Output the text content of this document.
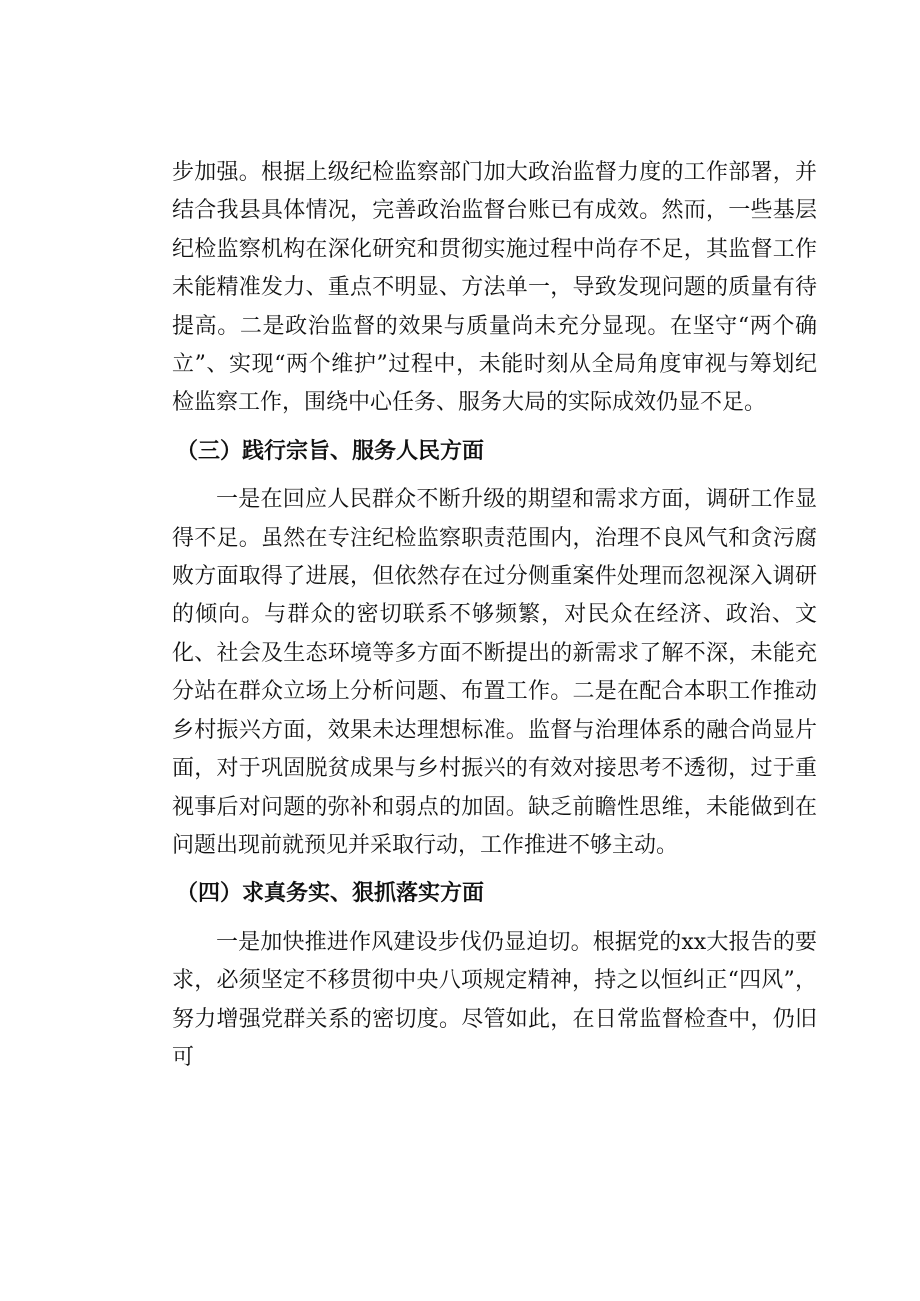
步加强。根据上级纪检监察部门加大政治监督力度的工作部署，并结合我县具体情况，完善政治监督台账已有成效。然而，一些基层纪检监察机构在深化研究和贯彻实施过程中尚存不足，其监督工作未能精准发力、重点不明显、方法单一，导致发现问题的质量有待提高。二是政治监督的效果与质量尚未充分显现。在坚守“两个确立”、实现“两个维护”过程中，未能时刻从全局角度审视与筹划纪检监察工作，围绕中心任务、服务大局的实际成效仍显不足。

（三）践行宗旨、服务人民方面

一是在回应人民群众不断升级的期望和需求方面，调研工作显得不足。虽然在专注纪检监察职责范围内，治理不良风气和贪污腐败方面取得了进展，但依然存在过分侧重案件处理而忽视深入调研的倾向。与群众的密切联系不够频繁，对民众在经济、政治、文化、社会及生态环境等多方面不断提出的新需求了解不深，未能充分站在群众立场上分析问题、布置工作。二是在配合本职工作推动乡村振兴方面，效果未达理想标准。监督与治理体系的融合尚显片面，对于巩固脱贫成果与乡村振兴的有效对接思考不透彻，过于重视事后对问题的弥补和弱点的加固。缺乏前瞻性思维，未能做到在问题出现前就预见并采取行动，工作推进不够主动。

（四）求真务实、狠抓落实方面

一是加快推进作风建设步伐仍显迫切。根据党的xx大报告的要求，必须坚定不移贯彻中央八项规定精神，持之以恒纠正“四风”，努力增强党群关系的密切度。尽管如此，在日常监督检查中，仍旧可
